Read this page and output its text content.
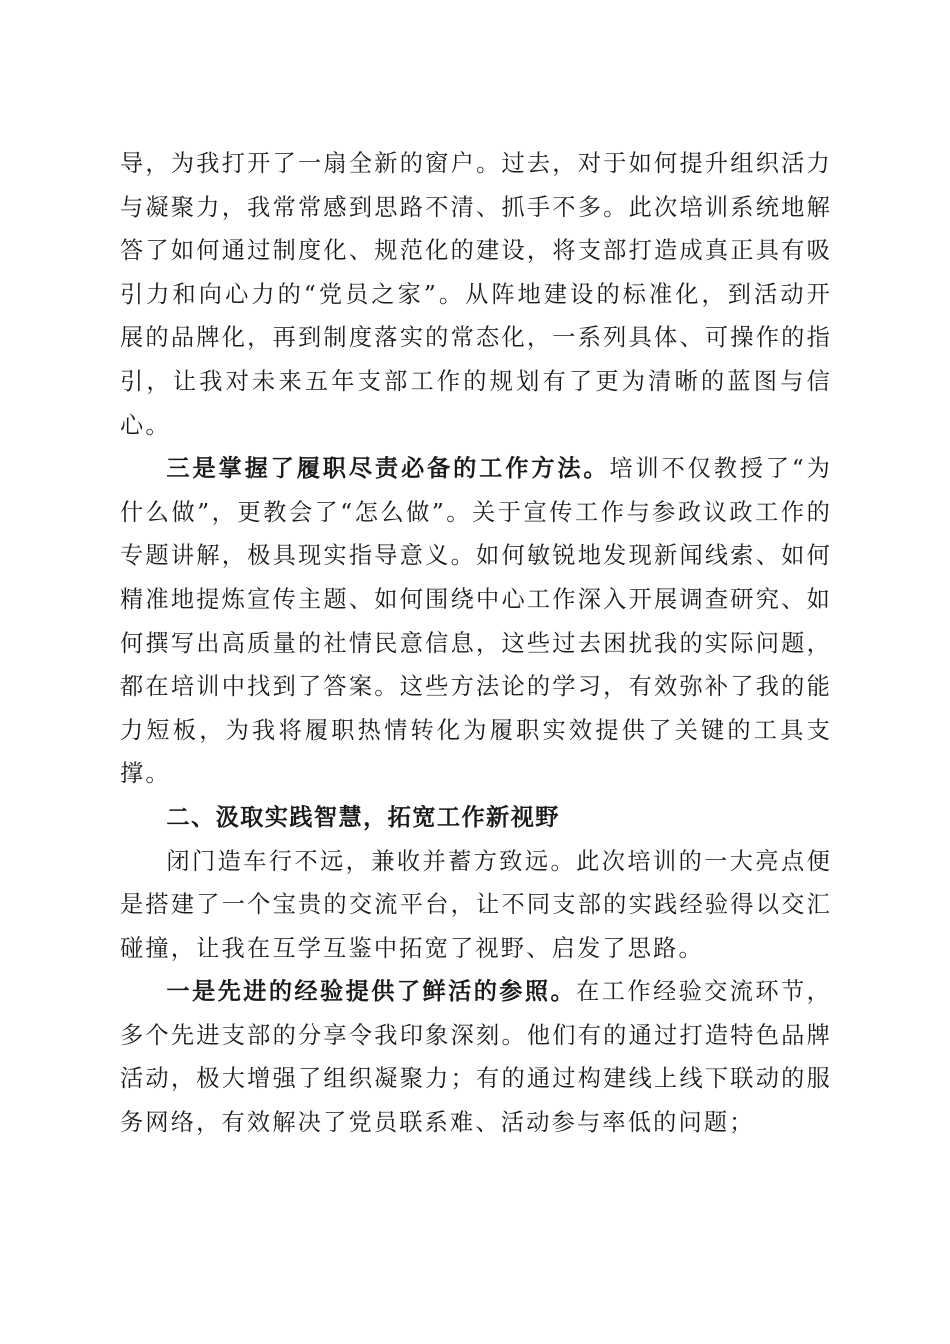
导，为我打开了一扇全新的窗户。过去，对于如何提升组织活力与凝聚力，我常常感到思路不清、抓手不多。此次培训系统地解答了如何通过制度化、规范化的建设，将支部打造成真正具有吸引力和向心力的“党员之家”。从阵地建设的标准化，到活动开展的品牌化，再到制度落实的常态化，一系列具体、可操作的指引，让我对未来五年支部工作的规划有了更为清晰的蓝图与信心。

三是掌握了履职尽责必备的工作方法。培训不仅教授了“为什么做”，更教会了“怎么做”。关于宣传工作与参政议政工作的专题讲解，极具现实指导意义。如何敏锐地发现新闻线索、如何精准地提炼宣传主题、如何围绕中心工作深入开展调查研究、如何撰写出高质量的社情民意信息，这些过去困扰我的实际问题，都在培训中找到了答案。这些方法论的学习，有效弥补了我的能力短板，为我将履职热情转化为履职实效提供了关键的工具支撑。

二、汲取实践智慧，拓宽工作新视野

闭门造车行不远，兼收并蓄方致远。此次培训的一大亮点便是搭建了一个宝贵的交流平台，让不同支部的实践经验得以交汇碰撞，让我在互学互鉴中拓宽了视野、启发了思路。

一是先进的经验提供了鲜活的参照。在工作经验交流环节，多个先进支部的分享令我印象深刻。他们有的通过打造特色品牌活动，极大增强了组织凝聚力；有的通过构建线上线下联动的服务网络，有效解决了党员联系难、活动参与率低的问题；
